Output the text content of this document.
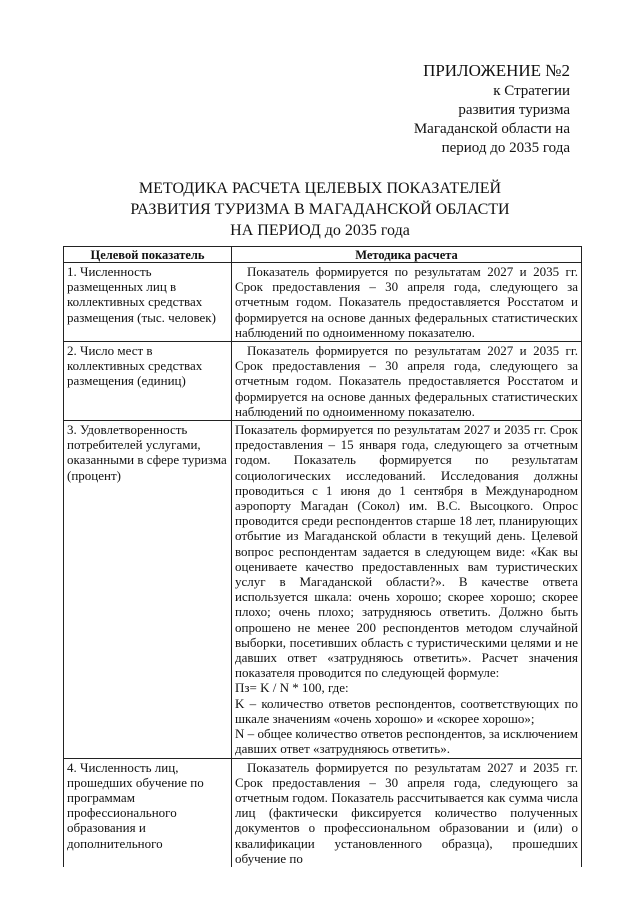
ПРИЛОЖЕНИЕ №2
к Стратегии
развития туризма
Магаданской области на
период до 2035 года
МЕТОДИКА РАСЧЕТА ЦЕЛЕВЫХ ПОКАЗАТЕЛЕЙ
РАЗВИТИЯ ТУРИЗМА В МАГАДАНСКОЙ ОБЛАСТИ
НА ПЕРИОД до 2035 года
Целевой показатель	Методика расчета
1. Численность размещенных лиц в коллективных средствах размещения (тыс. человек)	Показатель формируется по результатам 2027 и 2035 гг. Срок предоставления – 30 апреля года, следующего за отчетным годом. Показатель предоставляется Росстатом и формируется на основе данных федеральных статистических наблюдений по одноименному показателю.

2. Число мест в коллективных средствах размещения (единиц)	Показатель формируется по результатам 2027 и 2035 гг. Срок предоставления – 30 апреля года, следующего за отчетным годом. Показатель предоставляется Росстатом и формируется на основе данных федеральных статистических наблюдений по одноименному показателю.

3. Удовлетворенность потребителей услугами, оказанными в сфере туризма (процент)	Показатель формируется по результатам 2027 и 2035 гг. Срок предоставления – 15 января года, следующего за отчетным годом. Показатель формируется по результатам социологических исследований. Исследования должны проводиться с 1 июня до 1 сентября в Международном аэропорту Магадан (Сокол) им. В.С. Высоцкого. Опрос проводится среди респондентов старше 18 лет, планирующих отбытие из Магаданской области в текущий день. Целевой вопрос респондентам задается в следующем виде: «Как вы оцениваете качество предоставленных вам туристических услуг в Магаданской области?». В качестве ответа используется шкала: очень хорошо; скорее хорошо; скорее плохо; очень плохо; затрудняюсь ответить. Должно быть опрошено не менее 200 респондентов методом случайной выборки, посетивших область с туристическими целями и не давших ответ «затрудняюсь ответить». Расчет значения показателя проводится по следующей формуле:

Пз= K / N * 100, где:

K – количество ответов респондентов, соответствующих по шкале значениям «очень хорошо» и «скорее хорошо»;

N – общее количество ответов респондентов, за исключением давших ответ «затрудняюсь ответить».

4. Численность лиц, прошедших обучение по программам профессионального образования и дополнительного	Показатель формируется по результатам 2027 и 2035 гг. Срок предоставления – 30 апреля года, следующего за отчетным годом. Показатель рассчитывается как сумма числа лиц (фактически фиксируется количество полученных документов о профессиональном образовании и (или) о квалификации установленного образца), прошедших обучение по
